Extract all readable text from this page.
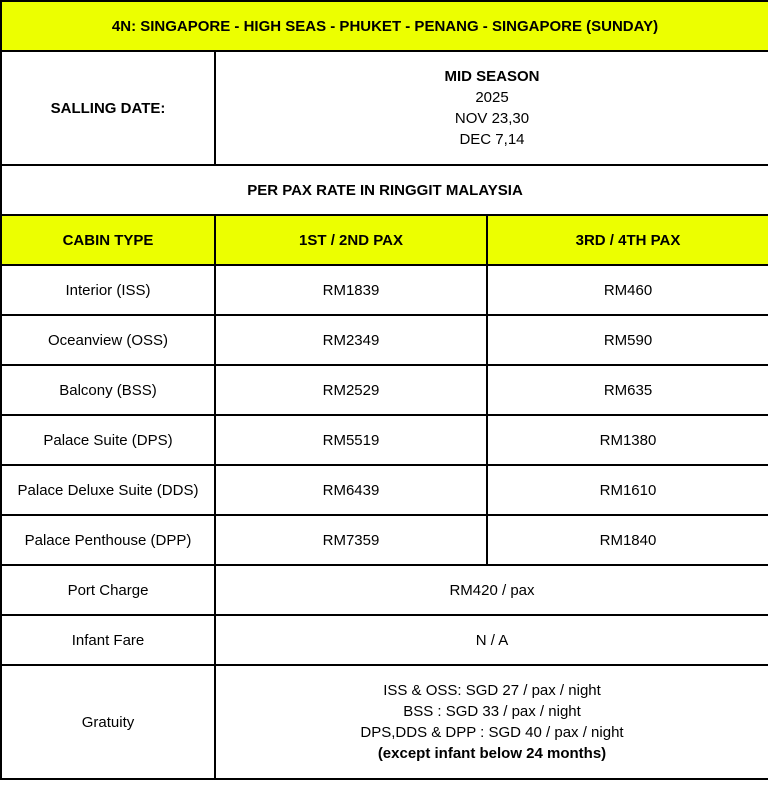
4N: SINGAPORE - HIGH SEAS - PHUKET - PENANG - SINGAPORE (SUNDAY)		
SALLING DATE:	MID SEASON
2025
NOV 23,30
DEC 7,14	

PER PAX RATE IN RINGGIT MALAYSIA		
CABIN TYPE	1ST / 2ND PAX	3RD / 4TH PAX
Interior (ISS)	RM1839	RM460
Oceanview (OSS)	RM2349	RM590
Balcony (BSS)	RM2529	RM635
Palace Suite (DPS)	RM5519	RM1380
Palace Deluxe Suite (DDS)	RM6439	RM1610
Palace Penthouse (DPP)	RM7359	RM1840
Port Charge	RM420 / pax	
Infant Fare	N / A	
Gratuity	ISS & OSS: SGD 27 / pax / night
BSS : SGD 33 / pax / night
DPS,DDS & DPP : SGD 40 / pax / night
(except infant below 24 months)	
